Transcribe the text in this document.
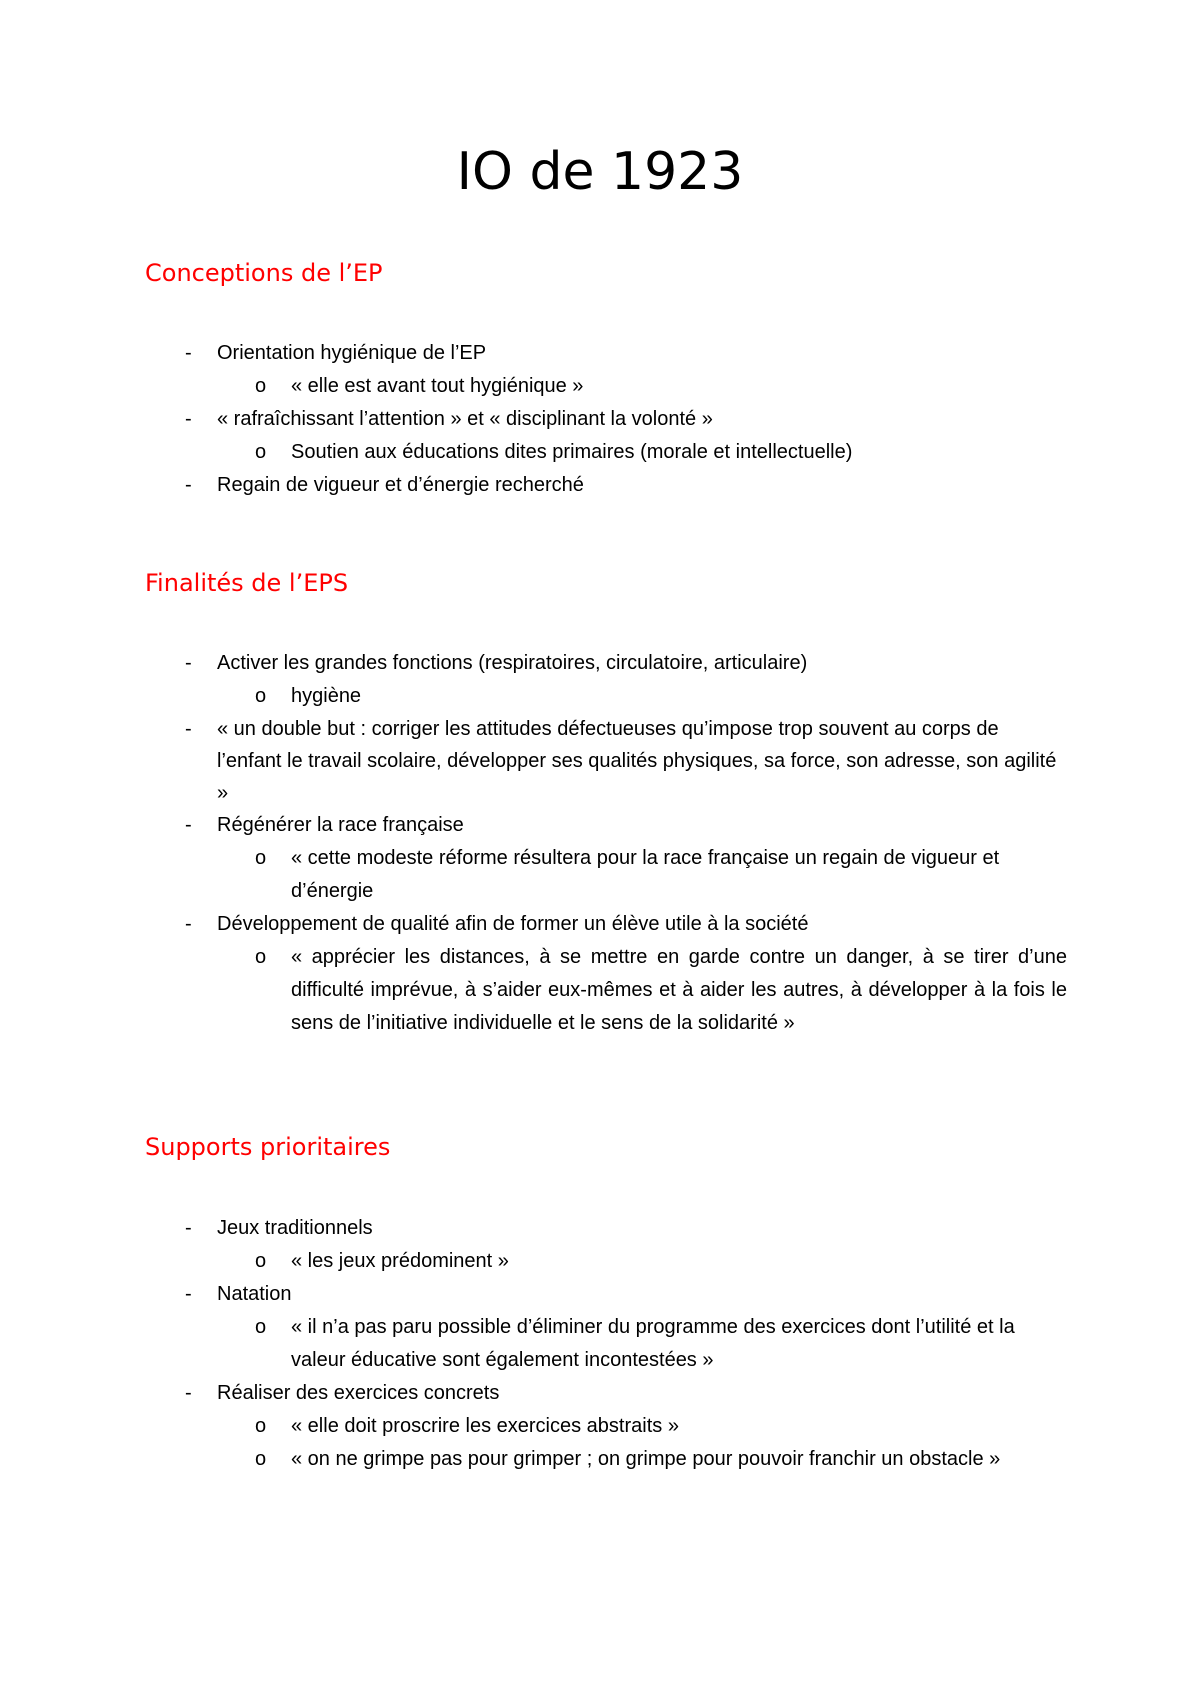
IO de 1923
Conceptions de l’EP
- Orientation hygiénique de l’EP
o « elle est avant tout hygiénique »
- « rafraîchissant l’attention » et « disciplinant la volonté »
o Soutien aux éducations dites primaires (morale et intellectuelle)
- Regain de vigueur et d’énergie recherché
Finalités de l’EPS
- Activer les grandes fonctions (respiratoires, circulatoire, articulaire)
o hygiène
- « un double but : corriger les attitudes défectueuses qu’impose trop souvent au corps de l’enfant le travail scolaire, développer ses qualités physiques, sa force, son adresse, son agilité »
- Régénérer la race française
o « cette modeste réforme résultera pour la race française un regain de vigueur et d’énergie
- Développement de qualité afin de former un élève utile à la société
o « apprécier les distances, à se mettre en garde contre un danger, à se tirer d’une difficulté imprévue, à s’aider eux-mêmes et à aider les autres, à développer à la fois le sens de l’initiative individuelle et le sens de la solidarité »
Supports prioritaires
- Jeux traditionnels
o « les jeux prédominent »
- Natation
o « il n’a pas paru possible d’éliminer du programme des exercices dont l’utilité et la valeur éducative sont également incontestées »
- Réaliser des exercices concrets
o « elle doit proscrire les exercices abstraits »
o « on ne grimpe pas pour grimper ; on grimpe pour pouvoir franchir un obstacle »
